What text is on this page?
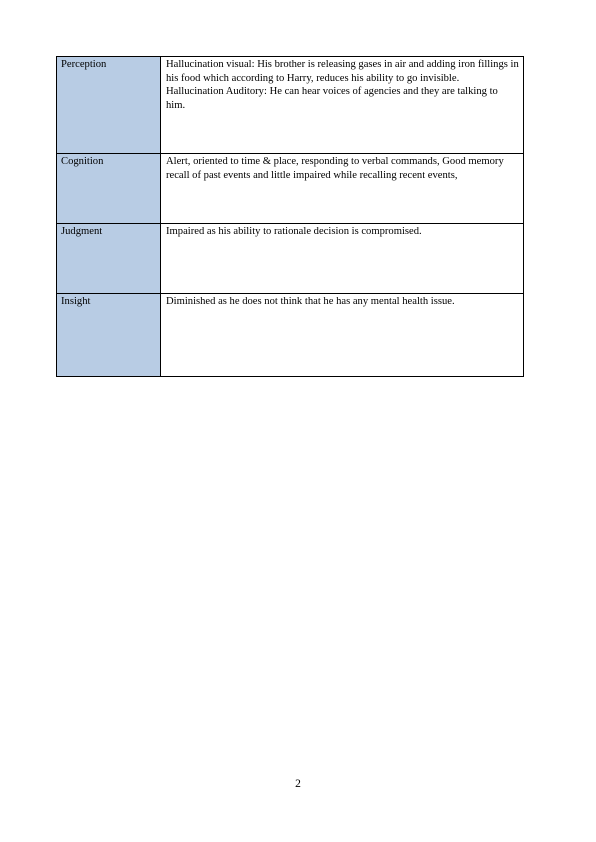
Perception	Hallucination visual: His brother is releasing gases in air and adding iron fillings in his food which according to Harry, reduces his ability to go invisible.
Hallucination Auditory: He can hear voices of agencies and they are talking to him.

Cognition	Alert, oriented to time & place, responding to verbal commands, Good memory recall of past events and little impaired while recalling recent events,

Judgment	Impaired as his ability to rationale decision is compromised.

Insight	Diminished as he does not think that he has any mental health issue.
2
